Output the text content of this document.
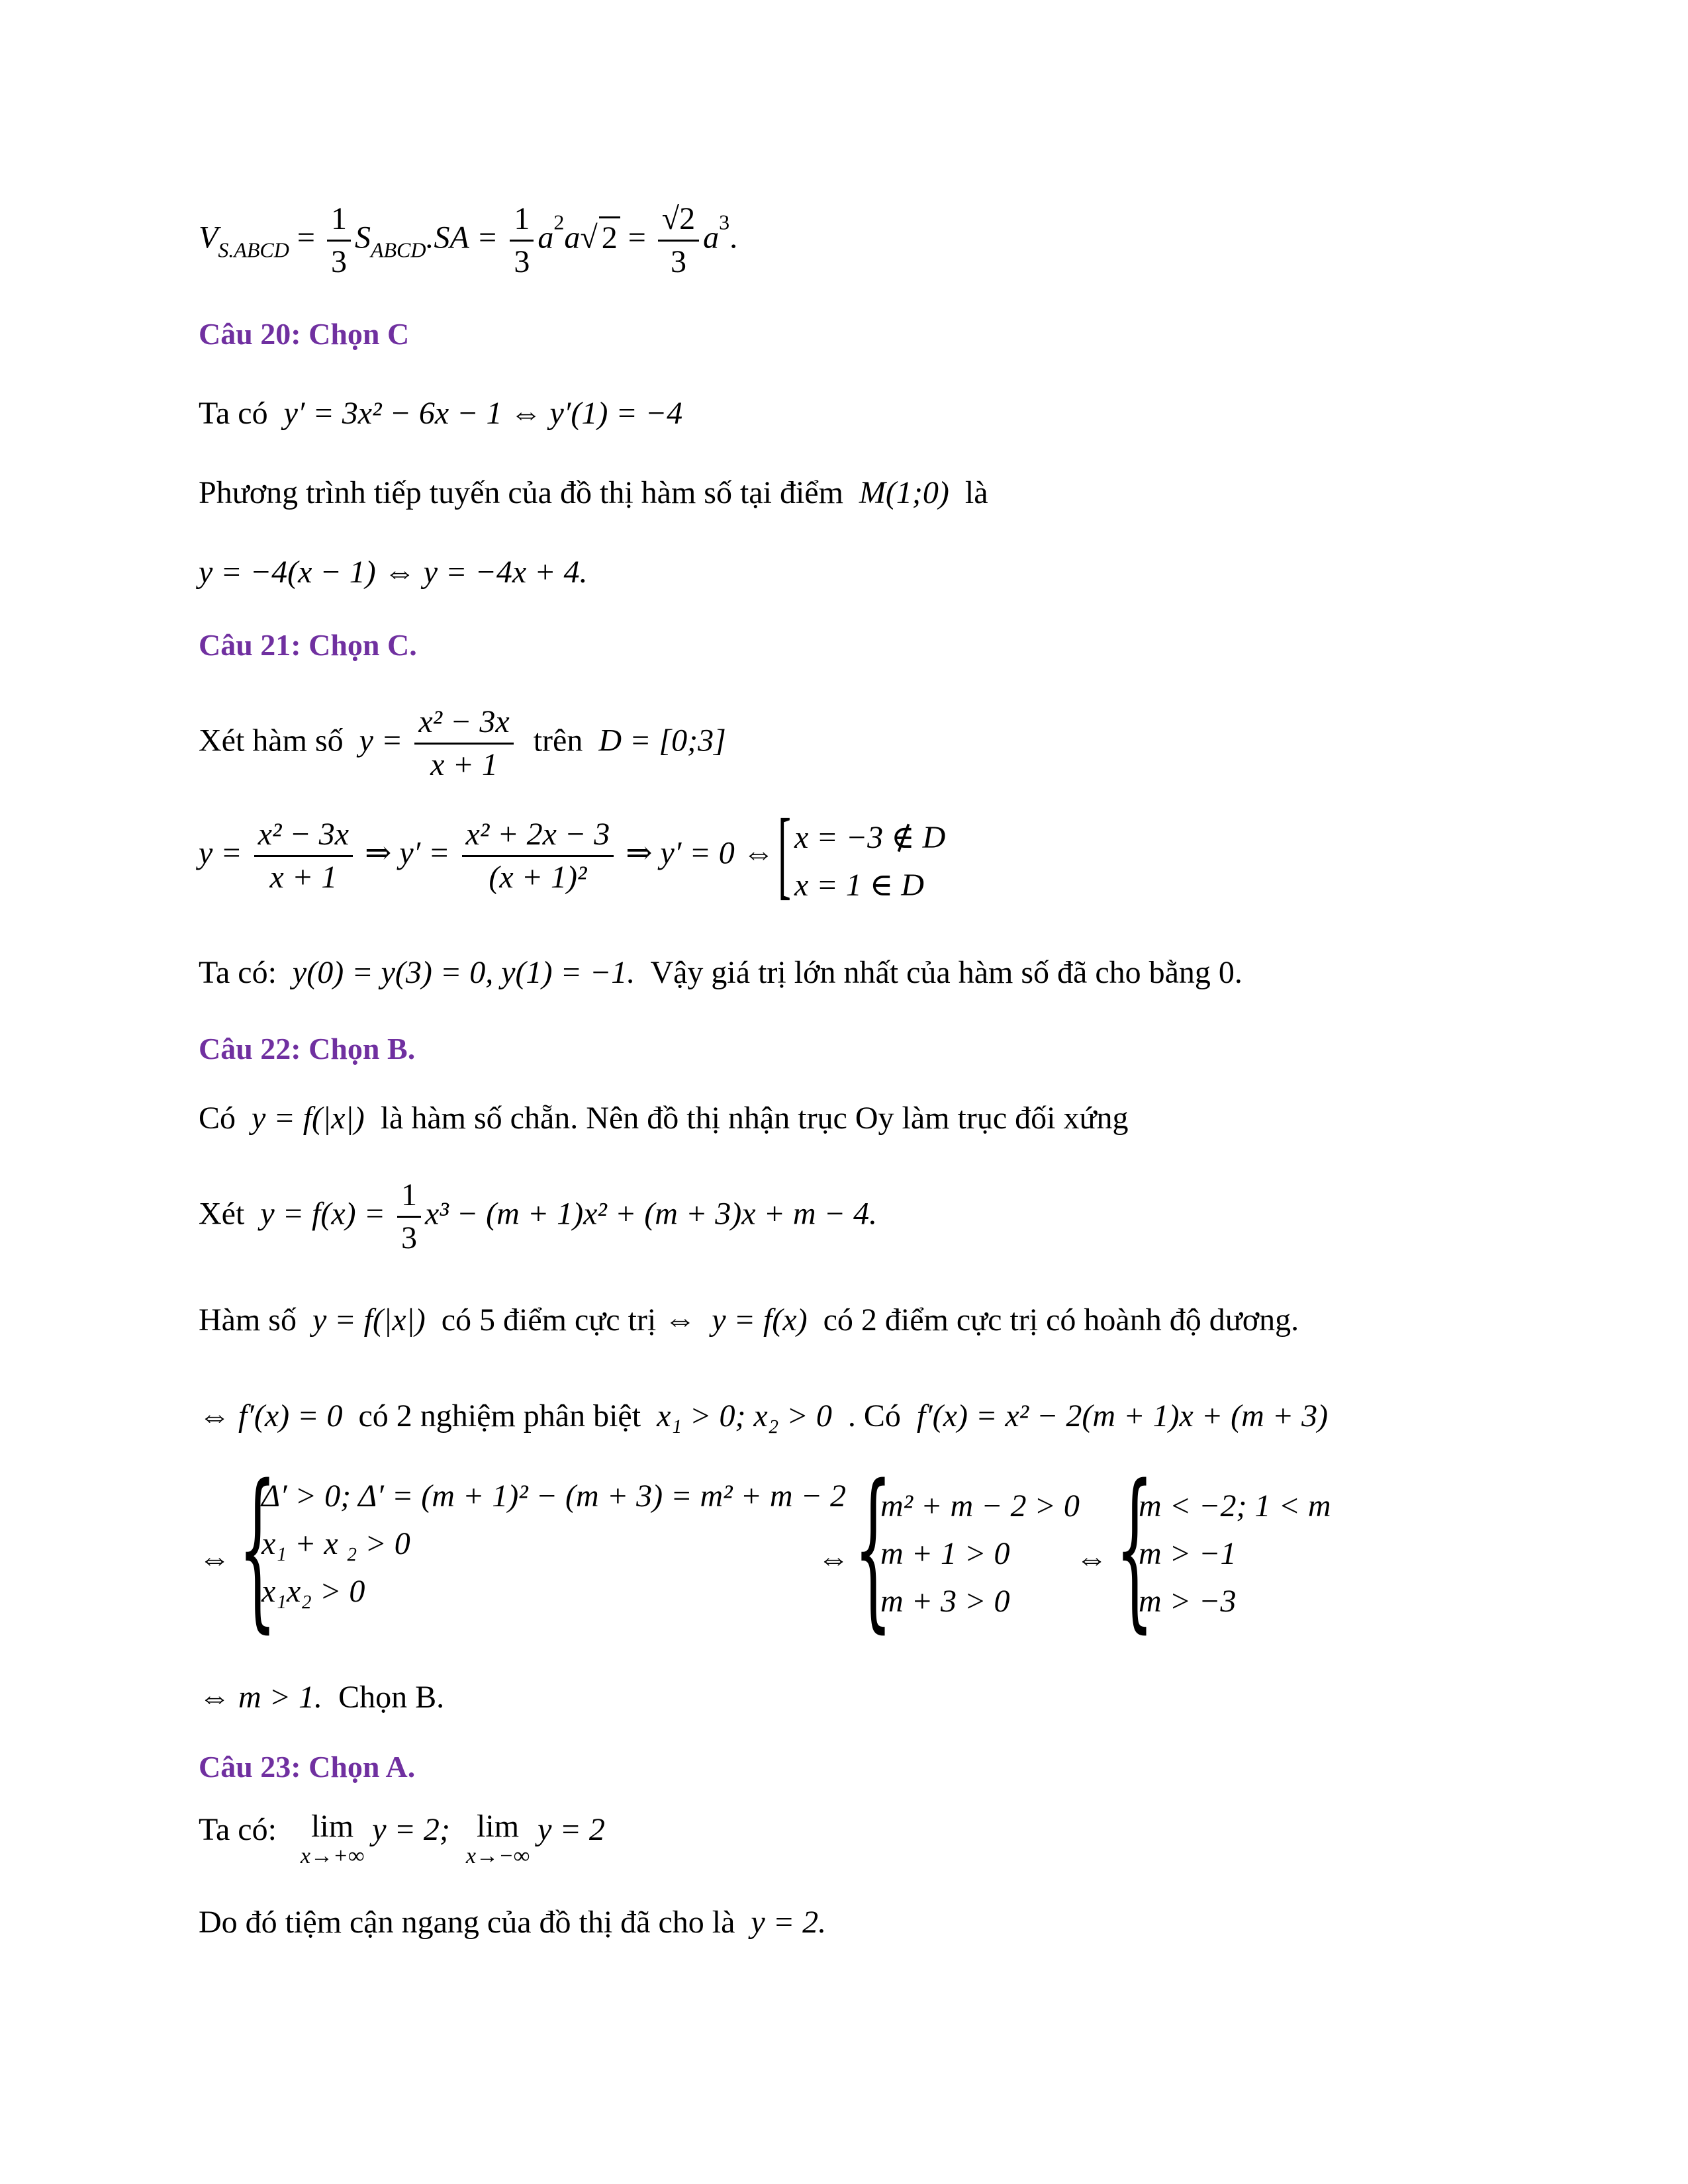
$V_{S.ABCD} = \frac{1}{3} S_{ABCD}.SA = \frac{1}{3} a^2a√$ $2 = \frac{√2}{3} a^3$.
Câu 20: Chọn C
Ta có y′ = 3x² − 6x − 1 ⇔ y′(1) = −4
Phương trình tiếp tuyến của đồ thị hàm số tại điểm M(1;0) là
y = −4(x − 1) ⇔ y = −4x + 4.
Câu 21: Chọn C.
Xét hàm số $y = \frac{\text{x² − 3x}}{x + 1}$ trên D = [0;3]
$y = \frac{\text{x² − 3x}}{x + 1}$ ⇒ $y' = \frac{\text{x² + 2x − 3}}{\text{(x + 1)²}}$ ⇒ y′ = 0 ⇔ [ x = −3 ∉ D
x = 1 ∈ D
Ta có: y(0) = y(3) = 0, y(1) = −1. Vậy giá trị lớn nhất của hàm số đã cho bằng 0.
Câu 22: Chọn B.
Có y = f(|x|) là hàm số chẵn. Nên đồ thị nhận trục Oy làm trục đối xứng
Xét $y = f(x) = \frac{1}{3} x^3 - (m + 1)x^2 + (m + 3)x + m - 4$.
Hàm số y = f(|x|) có 5 điểm cực trị ⇔ y = f(x) có 2 điểm cực trị có hoành độ dương.
⇔ f′(x) = 0 có 2 nghiệm phân biệt x₁ > 0; x₂ > 0 . Có f′(x) = x² − 2(m + 1)x + (m + 3)
⇔ {
Δ′ > 0; Δ′ = (m + 1)² − (m + 3) = m² + m − 2
x₁ + x ₂ > 0
x₁x₂ > 0
⇔ {
m² + m − 2 > 0
m + 1 > 0
m + 3 > 0
⇔ {
m < −2; 1 < m
m > −1
m > −3
⇔ m > 1. Chọn B.
Câu 23: Chọn A.
Ta có: lim
x→+∞
y = 2; lim
x→−∞
y = 2
Do đó tiệm cận ngang của đồ thị đã cho là y = 2.
